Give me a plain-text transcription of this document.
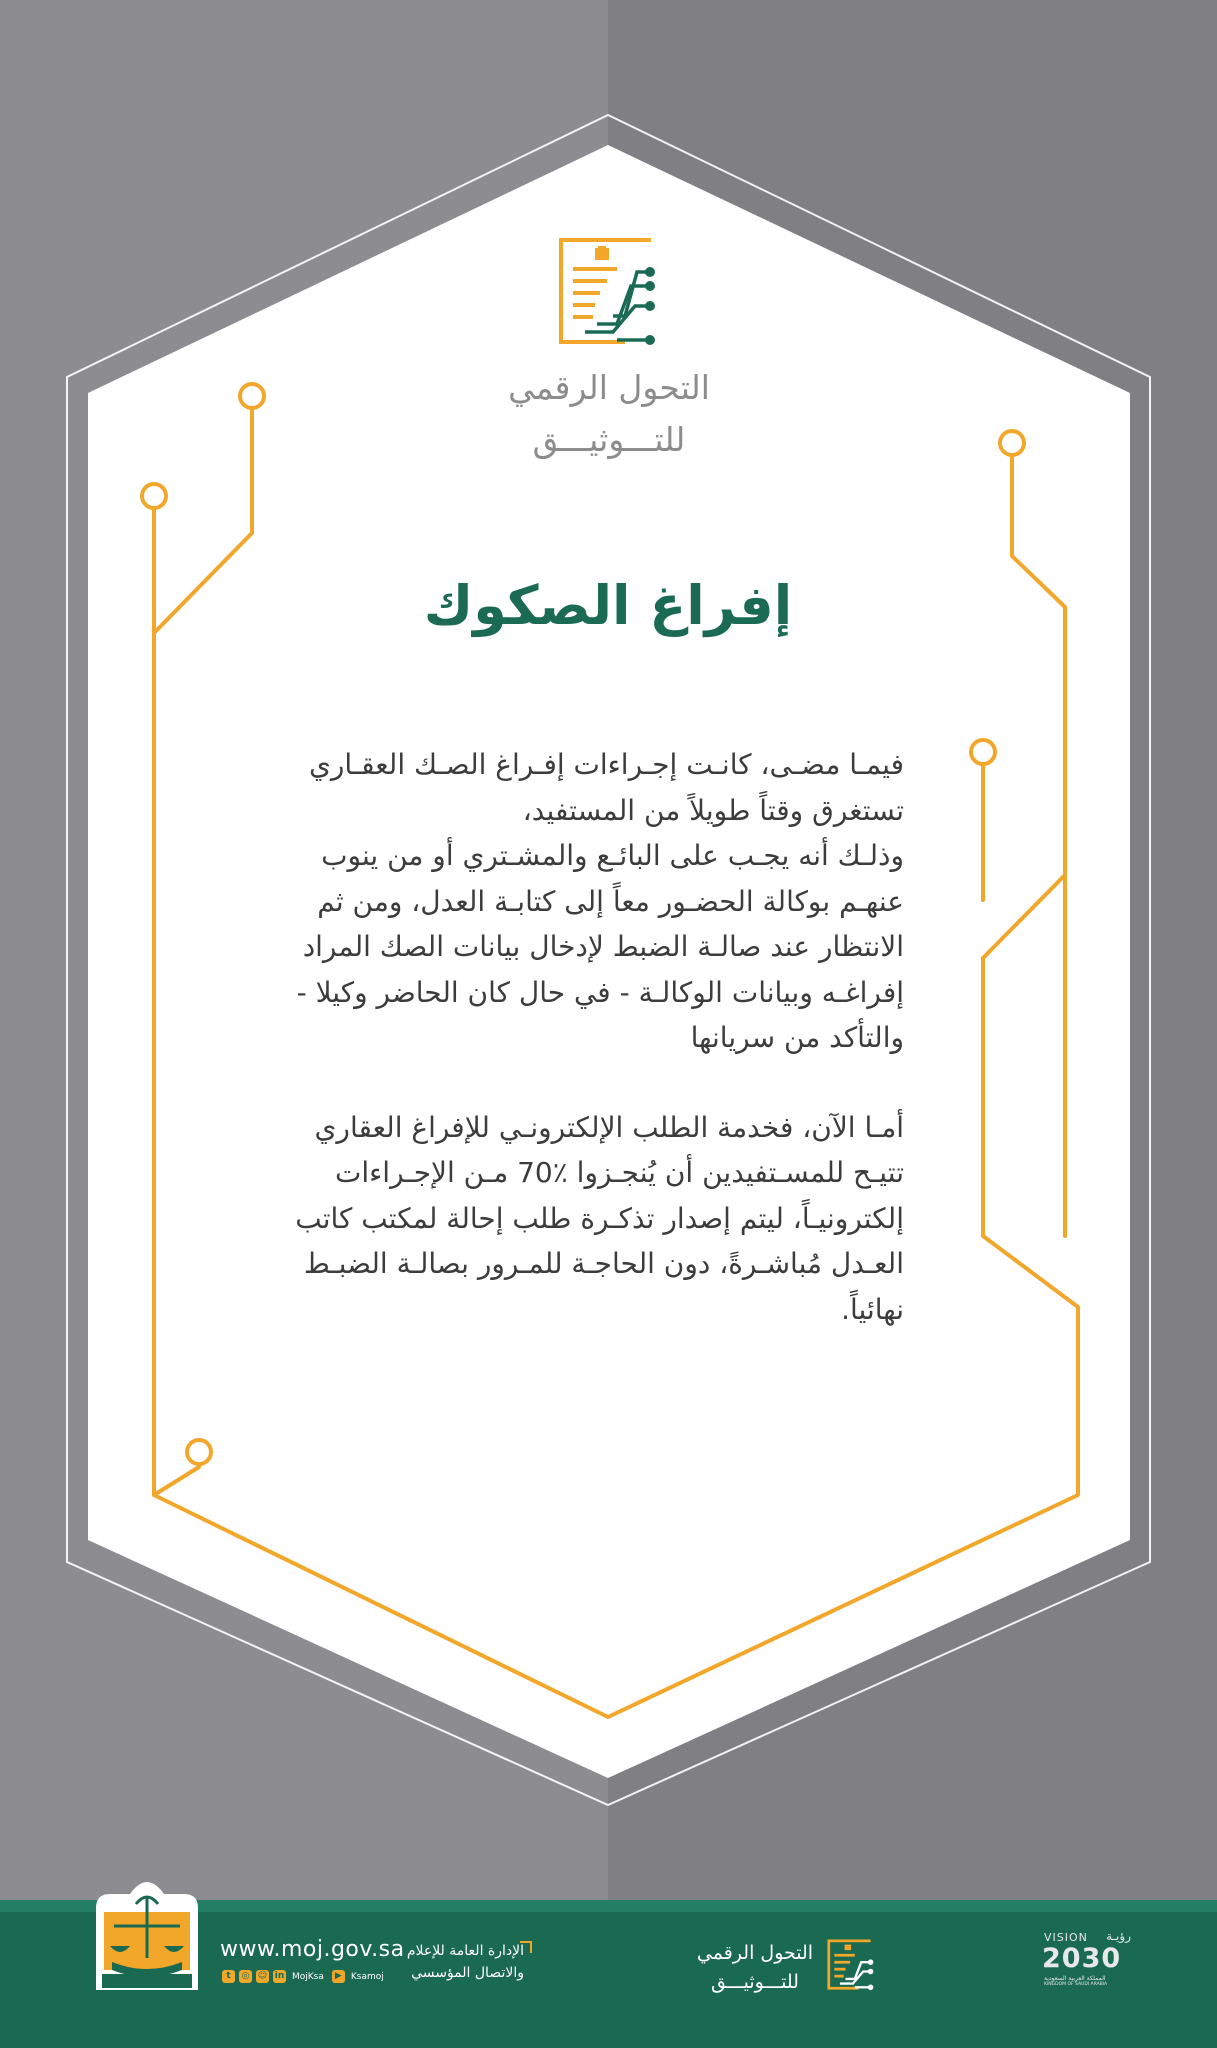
التحول الرقمي
للتـــوثيـــق
إفراغ الصكوك

فيمـا مضـى، كانـت إجـراءات إفـراغ الصـك العقـاري
تستغرق وقتاً طويلاً من المستفيد،
وذلـك أنه يجـب على البائـع والمشـتري أو من ينوب
عنهـم بوكالة الحضـور معاً إلى كتابـة العدل، ومن ثم
الانتظار عند صالـة الضبط لإدخال بيانات الصك المراد
إفراغـه وبيانات الوكالـة - في حال كان الحاضر وكيلا -
والتأكد من سريانها

أمـا الآن، فخدمة الطلب الإلكترونـي للإفراغ العقاري
تتيـح للمسـتفيدين أن يُنجـزوا ٪70 مـن الإجـراءات
إلكترونيـاً، ليتم إصدار تذكـرة طلب إحالة لمكتب كاتب
العـدل مُباشـرةً، دون الحاجـة للمـرور بصالـة الضبـط
نهائياً.

www.moj.gov.sa
t	◎ ☺ in MojKsa	▶	Ksamoj
الإدارة العامة للإعلام
والاتصال المؤسسي
التحول الرقمي
للتـــوثيـــق
VISION رؤيـة
2030
المملكة العربية السعودية
KINGDOM OF SAUDI ARABIA
